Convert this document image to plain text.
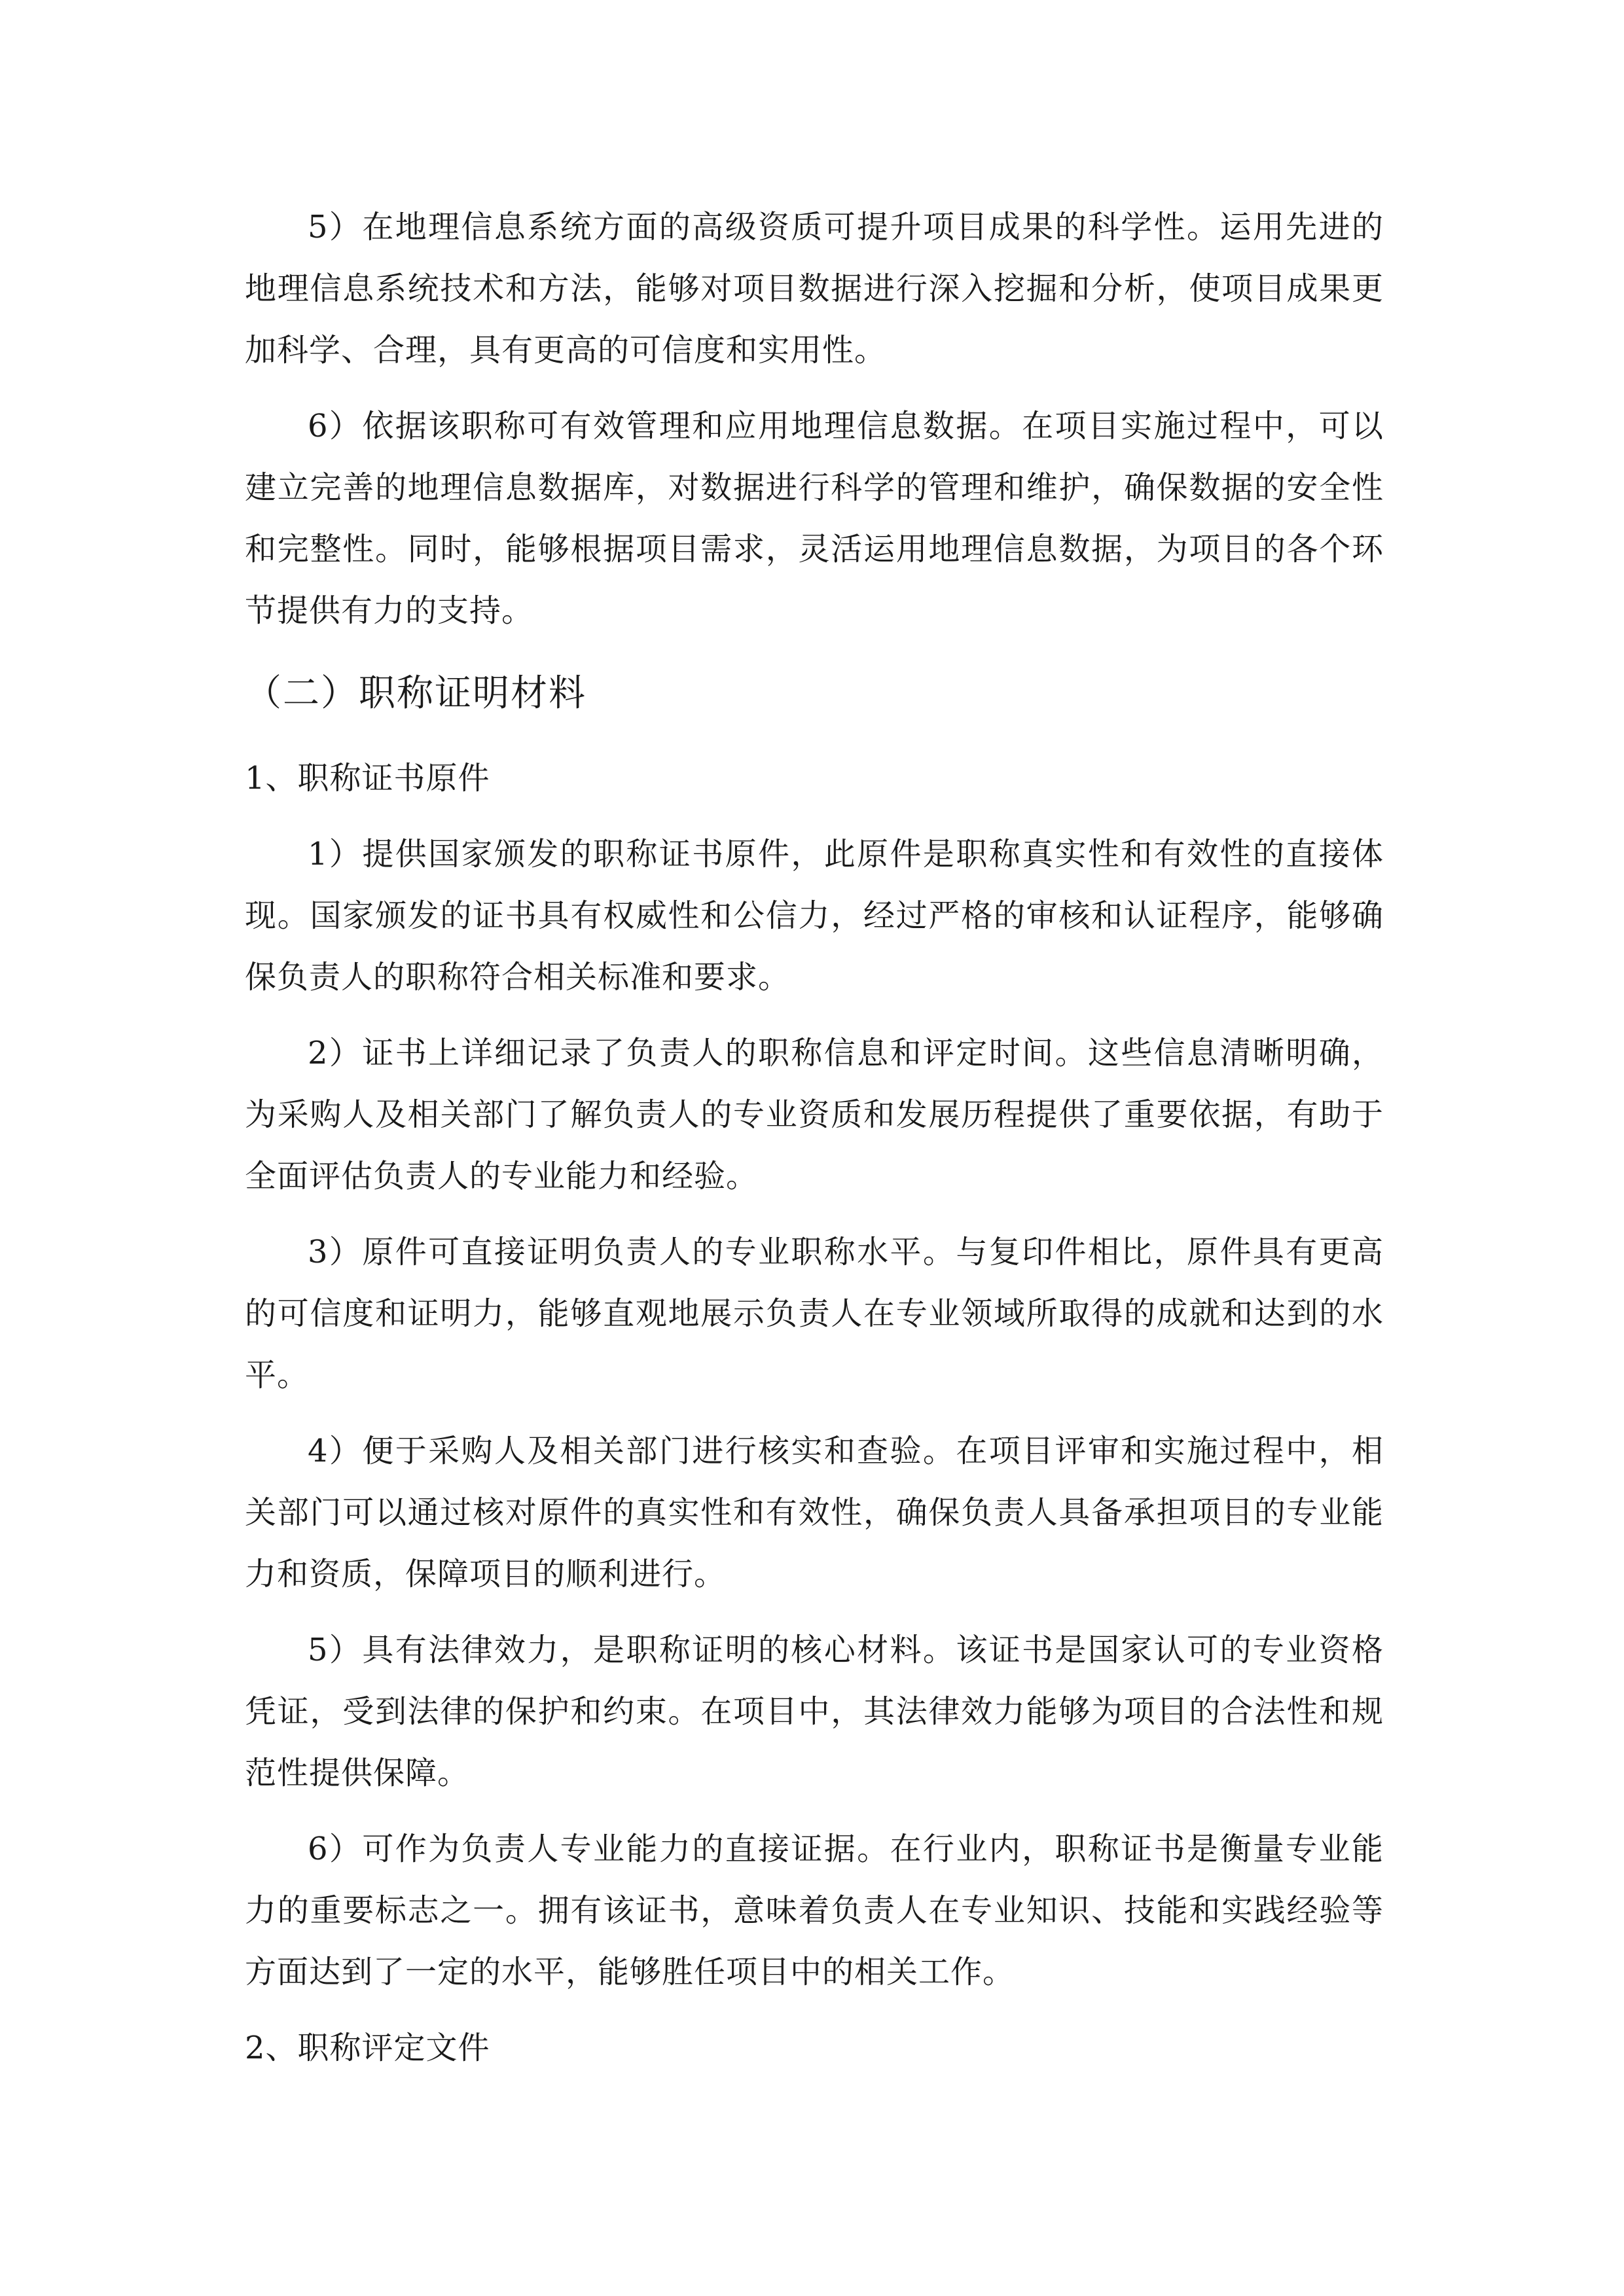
5）在地理信息系统方面的高级资质可提升项目成果的科学性。运用先进的地理信息系统技术和方法，能够对项目数据进行深入挖掘和分析，使项目成果更加科学、合理，具有更高的可信度和实用性。

6）依据该职称可有效管理和应用地理信息数据。在项目实施过程中，可以建立完善的地理信息数据库，对数据进行科学的管理和维护，确保数据的安全性和完整性。同时，能够根据项目需求，灵活运用地理信息数据，为项目的各个环节提供有力的支持。

（二）职称证明材料

1、职称证书原件

1）提供国家颁发的职称证书原件，此原件是职称真实性和有效性的直接体现。国家颁发的证书具有权威性和公信力，经过严格的审核和认证程序，能够确保负责人的职称符合相关标准和要求。

2）证书上详细记录了负责人的职称信息和评定时间。这些信息清晰明确，为采购人及相关部门了解负责人的专业资质和发展历程提供了重要依据，有助于全面评估负责人的专业能力和经验。

3）原件可直接证明负责人的专业职称水平。与复印件相比，原件具有更高的可信度和证明力，能够直观地展示负责人在专业领域所取得的成就和达到的水平。

4）便于采购人及相关部门进行核实和查验。在项目评审和实施过程中，相关部门可以通过核对原件的真实性和有效性，确保负责人具备承担项目的专业能力和资质，保障项目的顺利进行。

5）具有法律效力，是职称证明的核心材料。该证书是国家认可的专业资格凭证，受到法律的保护和约束。在项目中，其法律效力能够为项目的合法性和规范性提供保障。

6）可作为负责人专业能力的直接证据。在行业内，职称证书是衡量专业能力的重要标志之一。拥有该证书，意味着负责人在专业知识、技能和实践经验等方面达到了一定的水平，能够胜任项目中的相关工作。

2、职称评定文件
